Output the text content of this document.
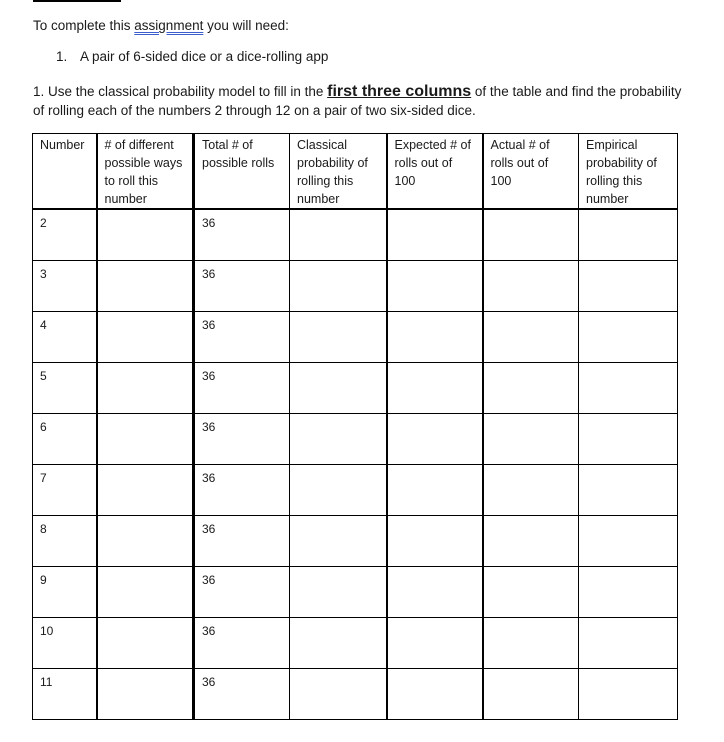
To complete this assignment you will need:
1. A pair of 6-sided dice or a dice-rolling app
1. Use the classical probability model to fill in the first three columns of the table and find the probability of rolling each of the numbers 2 through 12 on a pair of two six-sided dice.
Number	# of different possible ways to roll this number	Total # of possible rolls	Classical probability of rolling this number	Expected # of rolls out of 100	Actual # of rolls out of 100	Empirical probability of rolling this number
2		36				
3		36				
4		36				
5		36				
6		36				
7		36				
8		36				
9		36				
10		36				
11		36				
